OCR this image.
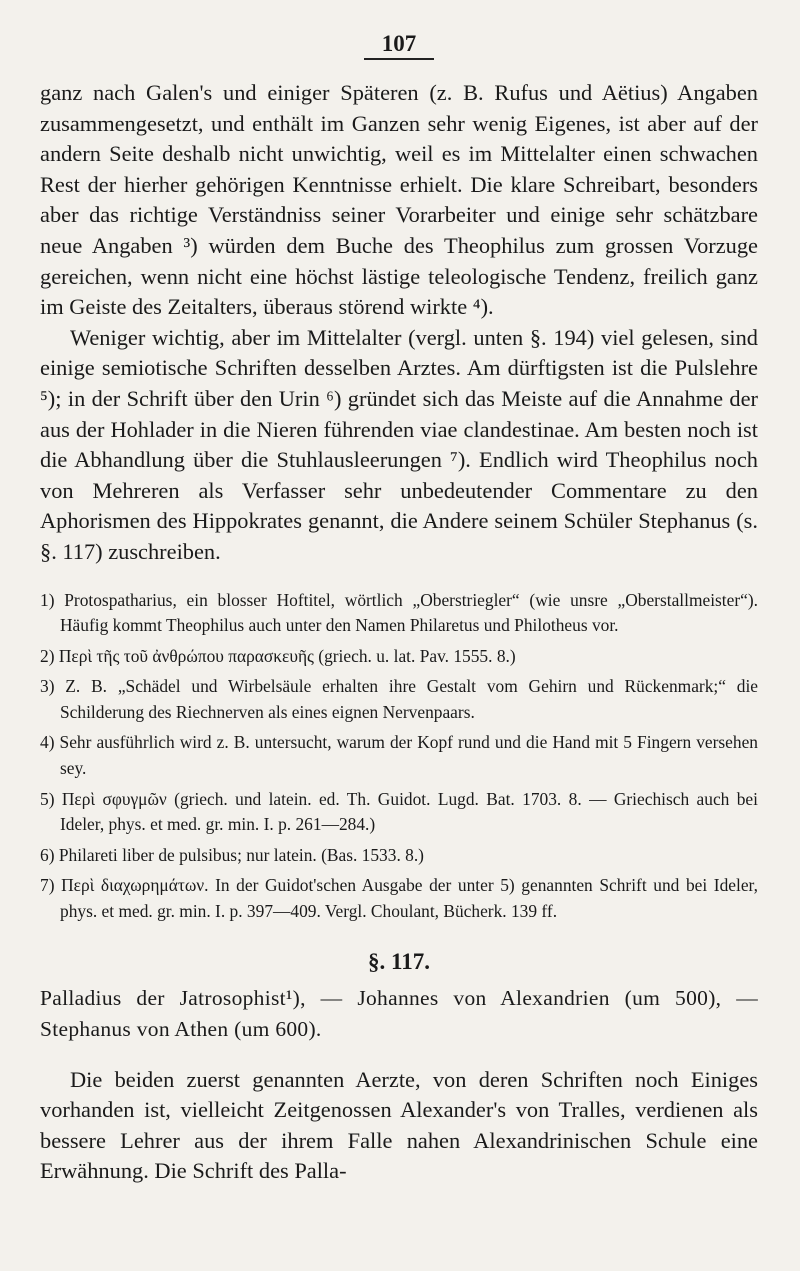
107

ganz nach Galen's und einiger Späteren (z. B. Rufus und Aëtius) Angaben zusammengesetzt, und enthält im Ganzen sehr wenig Eigenes, ist aber auf der andern Seite deshalb nicht unwichtig, weil es im Mittelalter einen schwachen Rest der hierher gehörigen Kenntnisse erhielt. Die klare Schreibart, besonders aber das richtige Verständniss seiner Vorarbeiter und einige sehr schätzbare neue Angaben ³) würden dem Buche des Theophilus zum grossen Vorzuge gereichen, wenn nicht eine höchst lästige teleologische Tendenz, freilich ganz im Geiste des Zeitalters, überaus störend wirkte ⁴).

Weniger wichtig, aber im Mittelalter (vergl. unten §. 194) viel gelesen, sind einige semiotische Schriften desselben Arztes. Am dürftigsten ist die Pulslehre ⁵); in der Schrift über den Urin ⁶) gründet sich das Meiste auf die Annahme der aus der Hohlader in die Nieren führenden viae clandestinae. Am besten noch ist die Abhandlung über die Stuhlausleerungen ⁷). Endlich wird Theophilus noch von Mehreren als Verfasser sehr unbedeutender Commentare zu den Aphorismen des Hippokrates genannt, die Andere seinem Schüler Stephanus (s. §. 117) zuschreiben.

1) Protospatharius, ein blosser Hoftitel, wörtlich „Oberstriegler“ (wie unsre „Oberstallmeister“). Häufig kommt Theophilus auch unter den Namen Philaretus und Philotheus vor.

2) Περὶ τῆς τοῦ ἀνθρώπου παρασκευῆς (griech. u. lat. Pav. 1555. 8.)

3) Z. B. „Schädel und Wirbelsäule erhalten ihre Gestalt vom Gehirn und Rückenmark;“ die Schilderung des Riechnerven als eines eignen Nervenpaars.

4) Sehr ausführlich wird z. B. untersucht, warum der Kopf rund und die Hand mit 5 Fingern versehen sey.

5) Περὶ σφυγμῶν (griech. und latein. ed. Th. Guidot. Lugd. Bat. 1703. 8. — Griechisch auch bei Ideler, phys. et med. gr. min. I. p. 261—284.)

6) Philareti liber de pulsibus; nur latein. (Bas. 1533. 8.)

7) Περὶ διαχωρημάτων. In der Guidot'schen Ausgabe der unter 5) genannten Schrift und bei Ideler, phys. et med. gr. min. I. p. 397—409. Vergl. Choulant, Bücherk. 139 ff.

§. 117.

Palladius der Jatrosophist¹), — Johannes von Alexandrien (um 500), — Stephanus von Athen (um 600).

Die beiden zuerst genannten Aerzte, von deren Schriften noch Einiges vorhanden ist, vielleicht Zeitgenossen Alexander's von Tralles, verdienen als bessere Lehrer aus der ihrem Falle nahen Alexandrinischen Schule eine Erwähnung. Die Schrift des Palla-
